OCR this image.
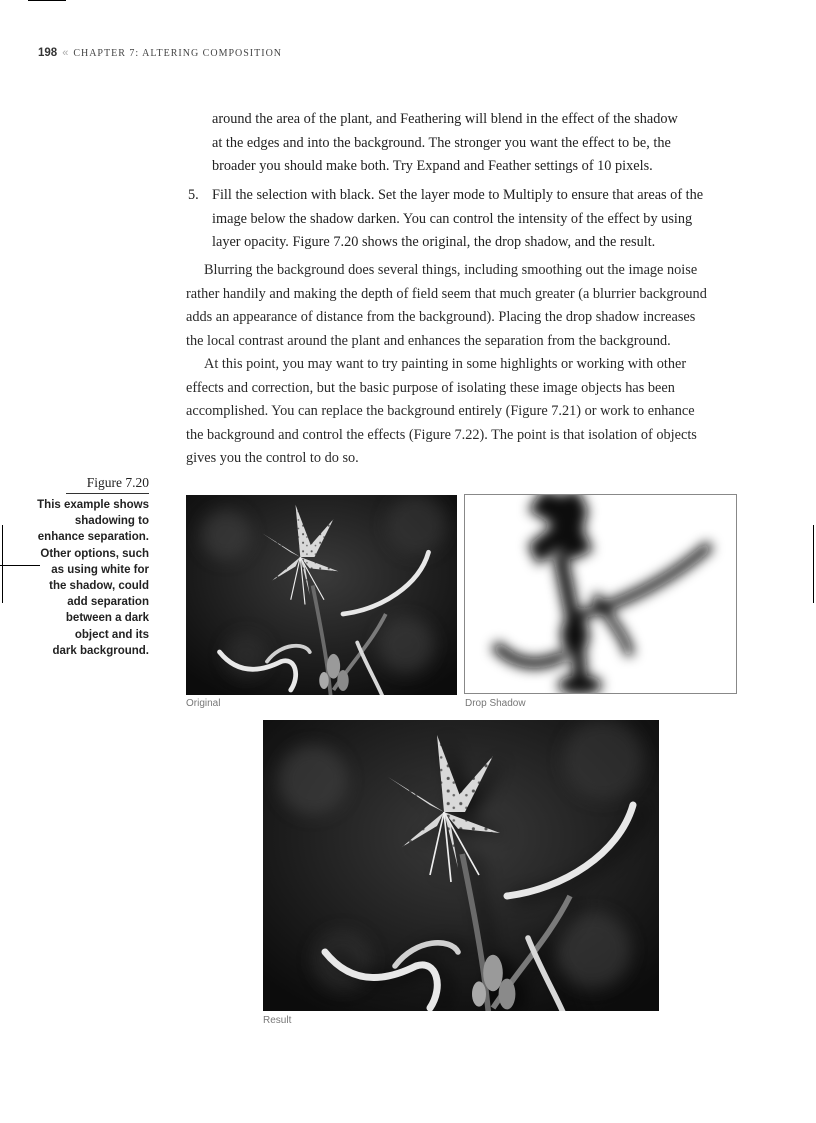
198 « CHAPTER 7: ALTERING COMPOSITION
around the area of the plant, and Feathering will blend in the effect of the shadow
at the edges and into the background. The stronger you want the effect to be, the
broader you should make both. Try Expand and Feather settings of 10 pixels.
5. Fill the selection with black. Set the layer mode to Multiply to ensure that areas of the
image below the shadow darken. You can control the intensity of the effect by using
layer opacity. Figure 7.20 shows the original, the drop shadow, and the result.
Blurring the background does several things, including smoothing out the image noise
rather handily and making the depth of field seem that much greater (a blurrier background
adds an appearance of distance from the background). Placing the drop shadow increases
the local contrast around the plant and enhances the separation from the background.
At this point, you may want to try painting in some highlights or working with other
effects and correction, but the basic purpose of isolating these image objects has been
accomplished. You can replace the background entirely (Figure 7.21) or work to enhance
the background and control the effects (Figure 7.22). The point is that isolation of objects
gives you the control to do so.
Figure 7.20
This example shows
shadowing to
enhance separation.
Other options, such
as using white for
the shadow, could
add separation
between a dark
object and its
dark background.
Original	Drop Shadow
Result
